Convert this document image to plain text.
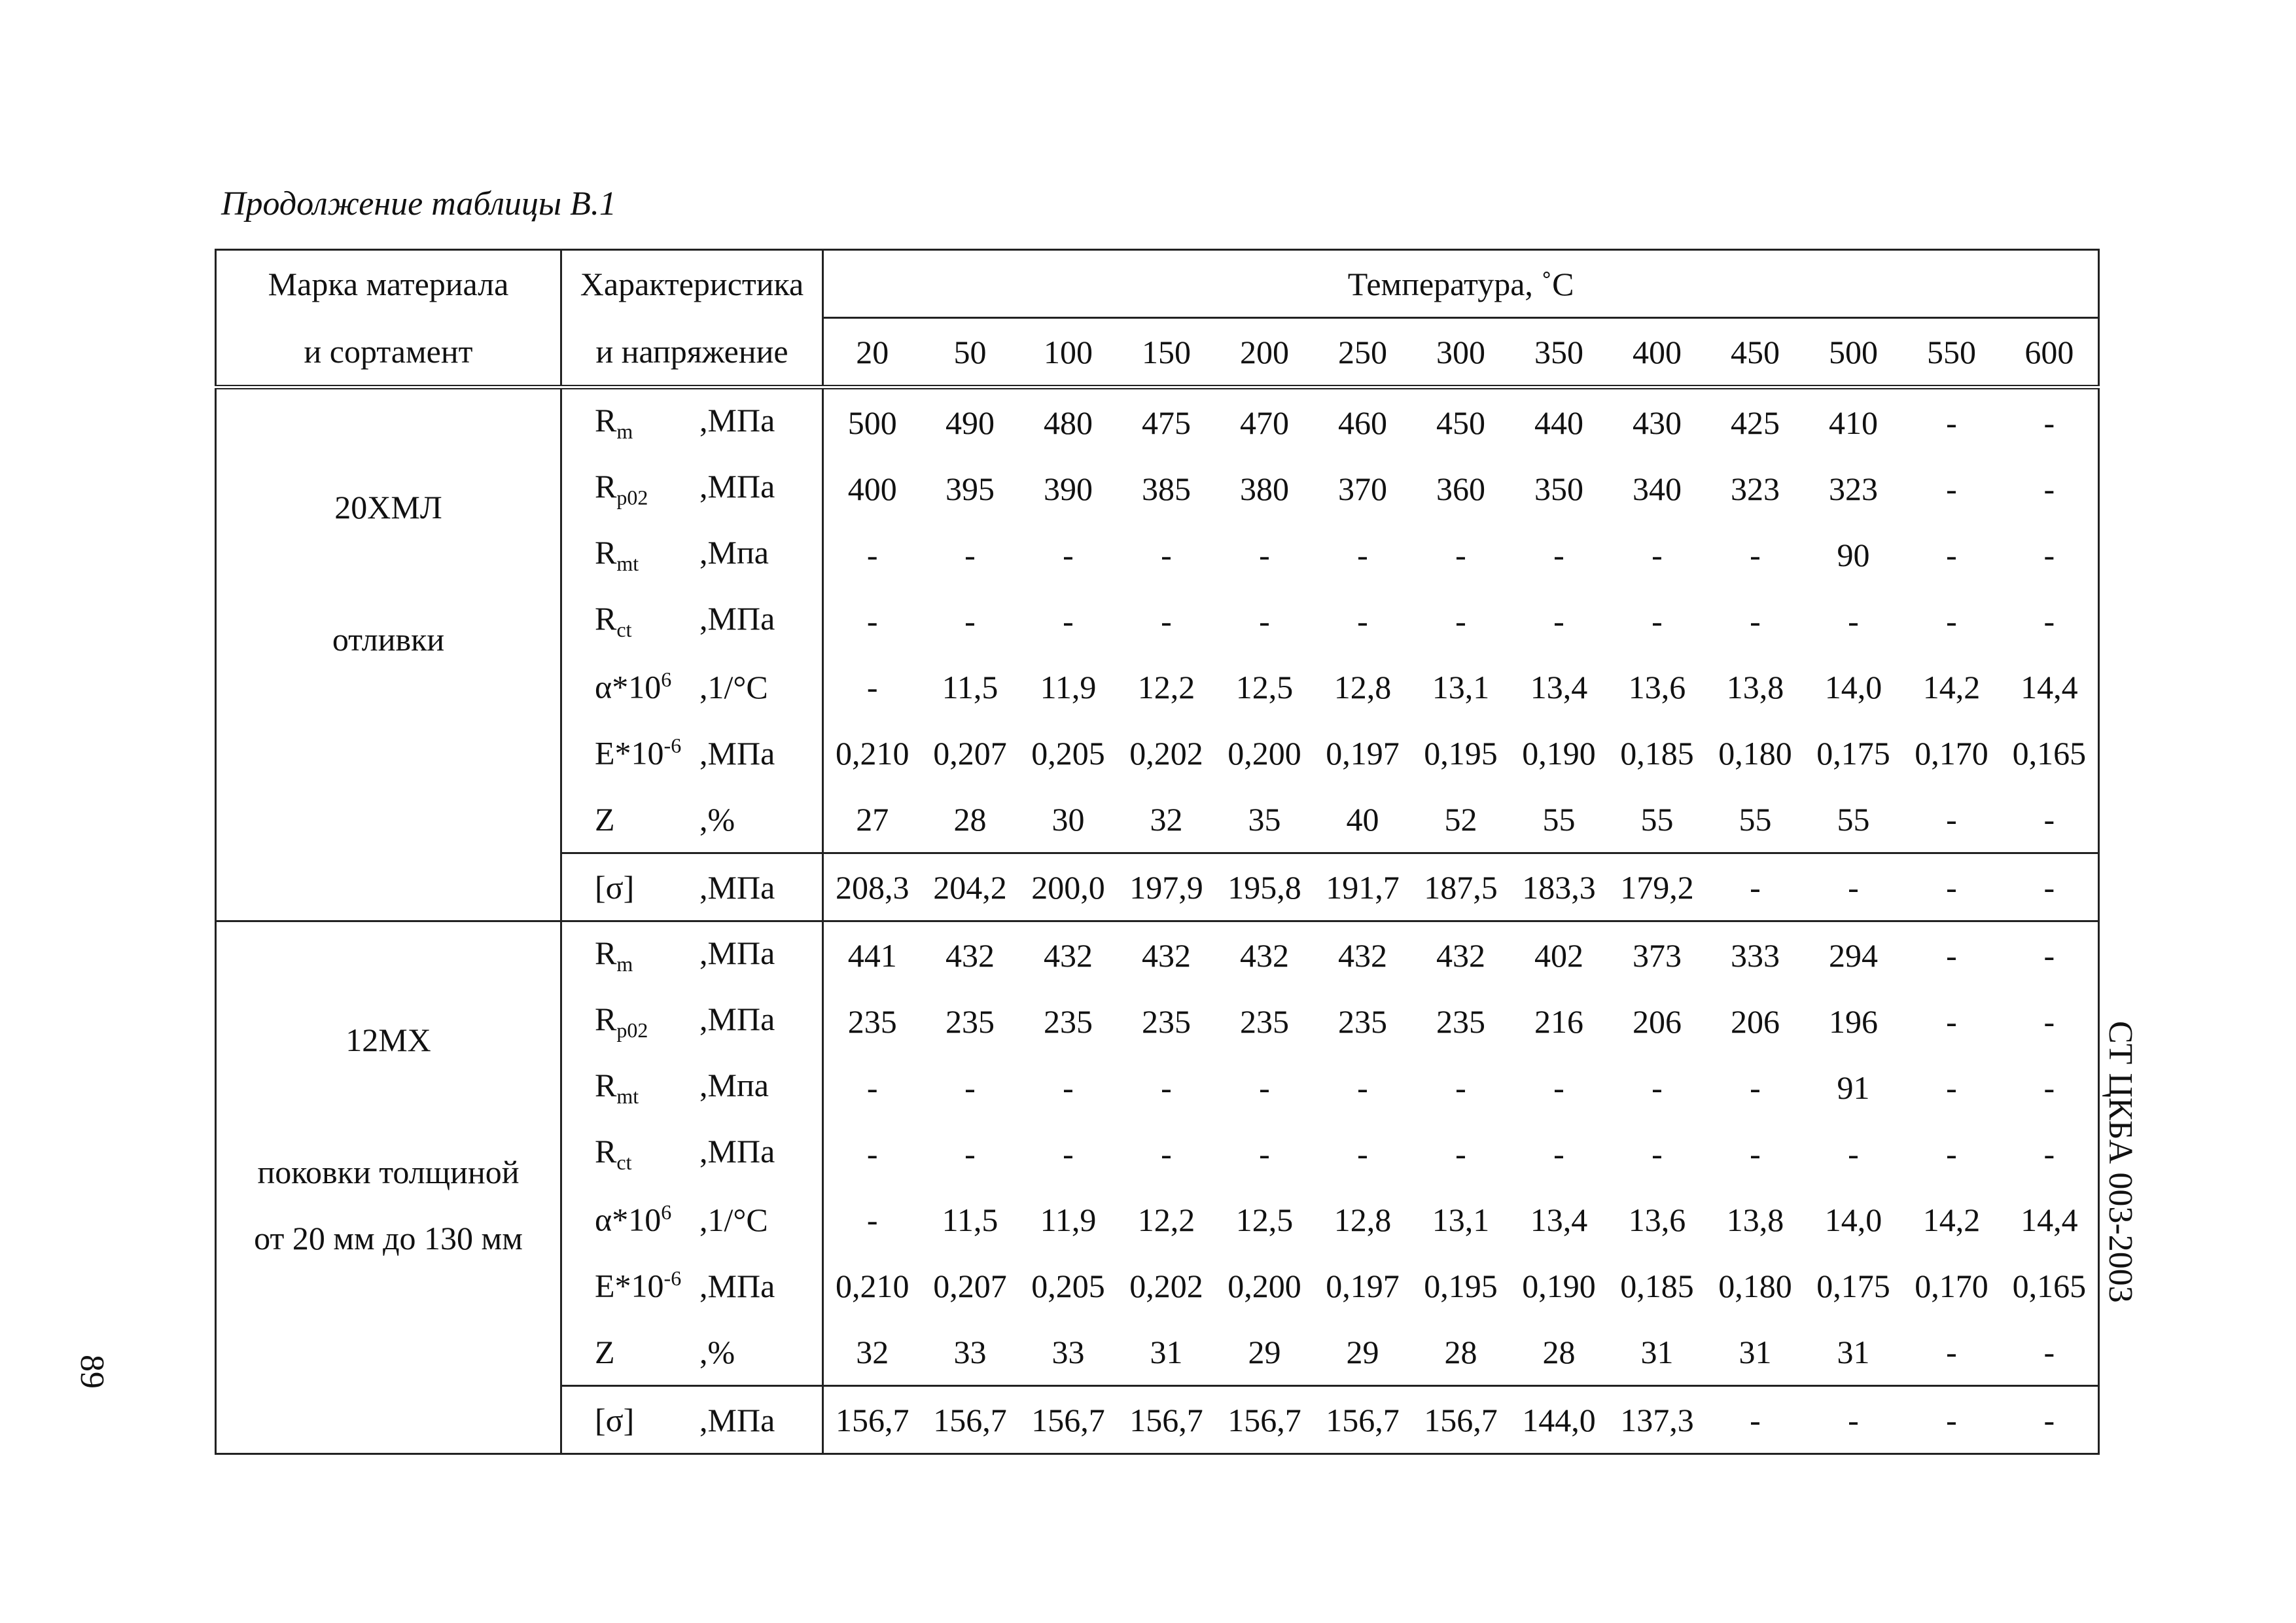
Продолжение таблицы В.1
Марка материала	Характеристика	Температура, ˚С												
и сортамент	и напряжение	20	50	100	150	200	250	300	350	400	450	500	550	600

20ХМЛ
отливки	$R_m$ ,МПа	500	490	480	475	470	460	450	440	430	425	410	-	-
	$R_{p02}$ ,МПа	400	395	390	385	380	370	360	350	340	323	323	-	-
	$R_{mt}$ ,Мпа	-	-	-	-	-	-	-	-	-	-	90	-	-
	$R_{ct}$ ,МПа	-	-	-	-	-	-	-	-	-	-	-	-	-
	$\alpha*10^6$ ,1/°С	-	11,5	11,9	12,2	12,5	12,8	13,1	13,4	13,6	13,8	14,0	14,2	14,4
	$E*10^{-6}$ ,МПа	0,210	0,207	0,205	0,202	0,200	0,197	0,195	0,190	0,185	0,180	0,175	0,170	0,165
	Z ,%	27	28	30	32	35	40	52	55	55	55	55	-	-
	[σ] ,МПа	208,3	204,2	200,0	197,9	195,8	191,7	187,5	183,3	179,2	-	-	-	-

12МХ
поковки толщиной
от 20 мм до 130 мм	$R_m$ ,МПа	441	432	432	432	432	432	432	402	373	333	294	-	-
	$R_{p02}$ ,МПа	235	235	235	235	235	235	235	216	206	206	196	-	-
	$R_{mt}$ ,Мпа	-	-	-	-	-	-	-	-	-	-	91	-	-
	$R_{ct}$ ,МПа	-	-	-	-	-	-	-	-	-	-	-	-	-
	$\alpha*10^6$ ,1/°С	-	11,5	11,9	12,2	12,5	12,8	13,1	13,4	13,6	13,8	14,0	14,2	14,4
	$E*10^{-6}$ ,МПа	0,210	0,207	0,205	0,202	0,200	0,197	0,195	0,190	0,185	0,180	0,175	0,170	0,165
	Z ,%	32	33	33	31	29	29	28	28	31	31	31	-	-
	[σ] ,МПа	156,7	156,7	156,7	156,7	156,7	156,7	156,7	144,0	137,3	-	-	-	-
СТ ЦКБА 003-2003
89
